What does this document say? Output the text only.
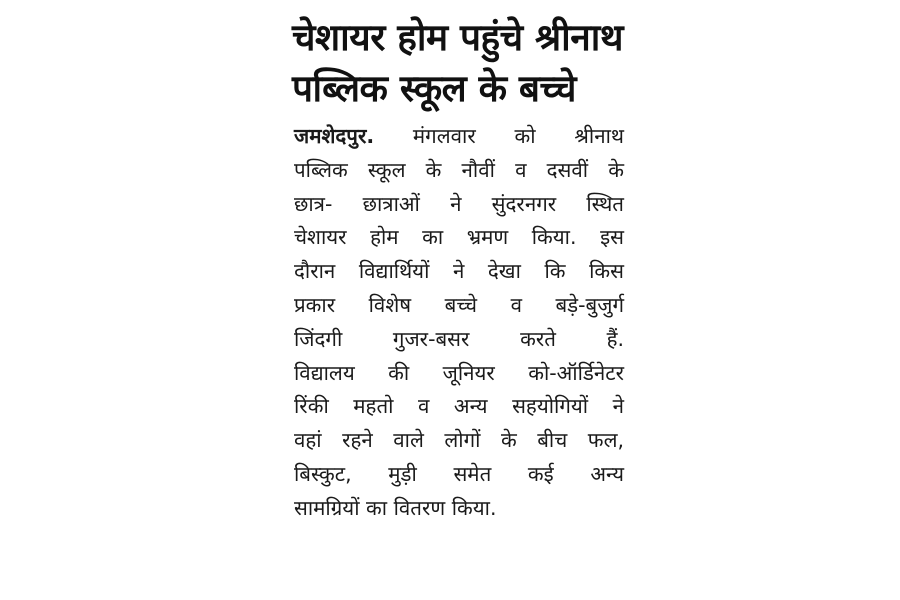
चेशायर होम पहुंचे श्रीनाथ
पब्लिक स्कूल के बच्चे
जमशेदपुर. मंगलवार को श्रीनाथ
पब्लिक स्कूल के नौवीं व दसवीं के
छात्र- छात्राओं ने सुंदरनगर स्थित
चेशायर होम का भ्रमण किया. इस
दौरान विद्यार्थियों ने देखा कि किस
प्रकार विशेष बच्चे व बड़े-बुजुर्ग
जिंदगी गुजर-बसर करते हैं.
विद्यालय की जूनियर को-ऑर्डिनेटर
रिंकी महतो व अन्य सहयोगियों ने
वहां रहने वाले लोगों के बीच फल,
बिस्कुट, मुड़ी समेत कई अन्य
सामग्रियों का वितरण किया.
